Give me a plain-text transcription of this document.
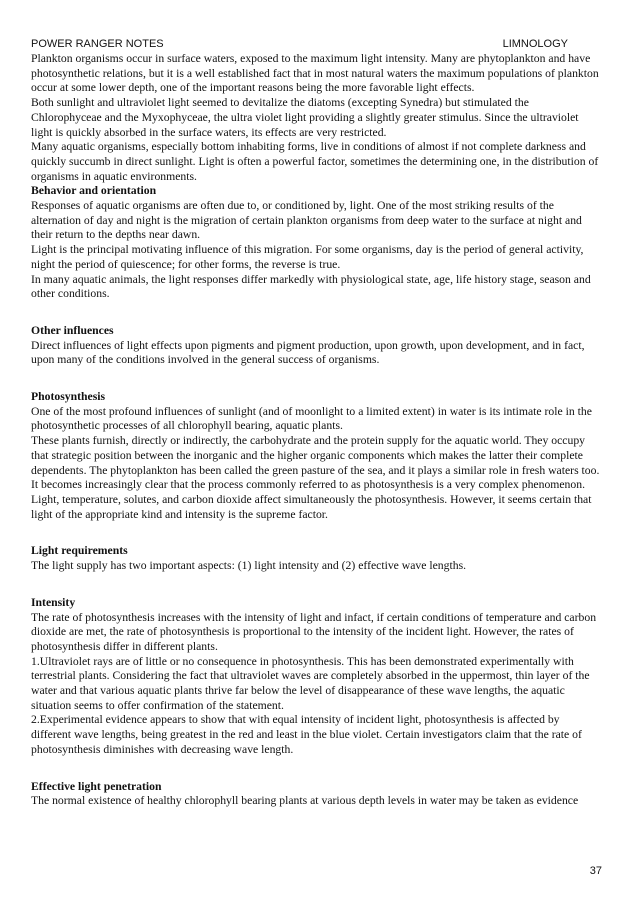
POWER RANGER NOTES	LIMNOLOGY

Plankton organisms occur in surface waters, exposed to the maximum light intensity. Many are phytoplankton and have photosynthetic relations, but it is a well established fact that in most natural waters the maximum populations of plankton occur at some lower depth, one of the important reasons being the more favorable light effects.

Both sunlight and ultraviolet light seemed to devitalize the diatoms (excepting Synedra) but stimulated the Chlorophyceae and the Myxophyceae, the ultra violet light providing a slightly greater stimulus. Since the ultraviolet light is quickly absorbed in the surface waters, its effects are very restricted.

Many aquatic organisms, especially bottom inhabiting forms, live in conditions of almost if not complete darkness and quickly succumb in direct sunlight. Light is often a powerful factor, sometimes the determining one, in the distribution of organisms in aquatic environments.

Behavior and orientation

Responses of aquatic organisms are often due to, or conditioned by, light. One of the most striking results of the alternation of day and night is the migration of certain plankton organisms from deep water to the surface at night and their return to the depths near dawn.

Light is the principal motivating influence of this migration. For some organisms, day is the period of general activity, night the period of quiescence; for other forms, the reverse is true.

In many aquatic animals, the light responses differ markedly with physiological state, age, life history stage, season and other conditions.

Other influences

Direct influences of light effects upon pigments and pigment production, upon growth, upon development, and in fact, upon many of the conditions involved in the general success of organisms.

Photosynthesis

One of the most profound influences of sunlight (and of moonlight to a limited extent) in water is its intimate role in the photosynthetic processes of all chlorophyll bearing, aquatic plants.

These plants furnish, directly or indirectly, the carbohydrate and the protein supply for the aquatic world. They occupy that strategic position between the inorganic and the higher organic components which makes the latter their complete dependents. The phytoplankton has been called the green pasture of the sea, and it plays a similar role in fresh waters too.

It becomes increasingly clear that the process commonly referred to as photosynthesis is a very complex phenomenon. Light, temperature, solutes, and carbon dioxide affect simultaneously the photosynthesis. However, it seems certain that light of the appropriate kind and intensity is the supreme factor.

Light requirements

The light supply has two important aspects: (1) light intensity and (2) effective wave lengths.

Intensity

The rate of photosynthesis increases with the intensity of light and infact, if certain conditions of temperature and carbon dioxide are met, the rate of photosynthesis is proportional to the intensity of the incident light. However, the rates of photosynthesis differ in different plants.

1.Ultraviolet rays are of little or no consequence in photosynthesis. This has been demonstrated experimentally with terrestrial plants. Considering the fact that ultraviolet waves are completely absorbed in the uppermost, thin layer of the water and that various aquatic plants thrive far below the level of disappearance of these wave lengths, the aquatic situation seems to offer confirmation of the statement.

2.Experimental evidence appears to show that with equal intensity of incident light, photosynthesis is affected by different wave lengths, being greatest in the red and least in the blue violet. Certain investigators claim that the rate of photosynthesis diminishes with decreasing wave length.

Effective light penetration

The normal existence of healthy chlorophyll bearing plants at various depth levels in water may be taken as evidence

37
